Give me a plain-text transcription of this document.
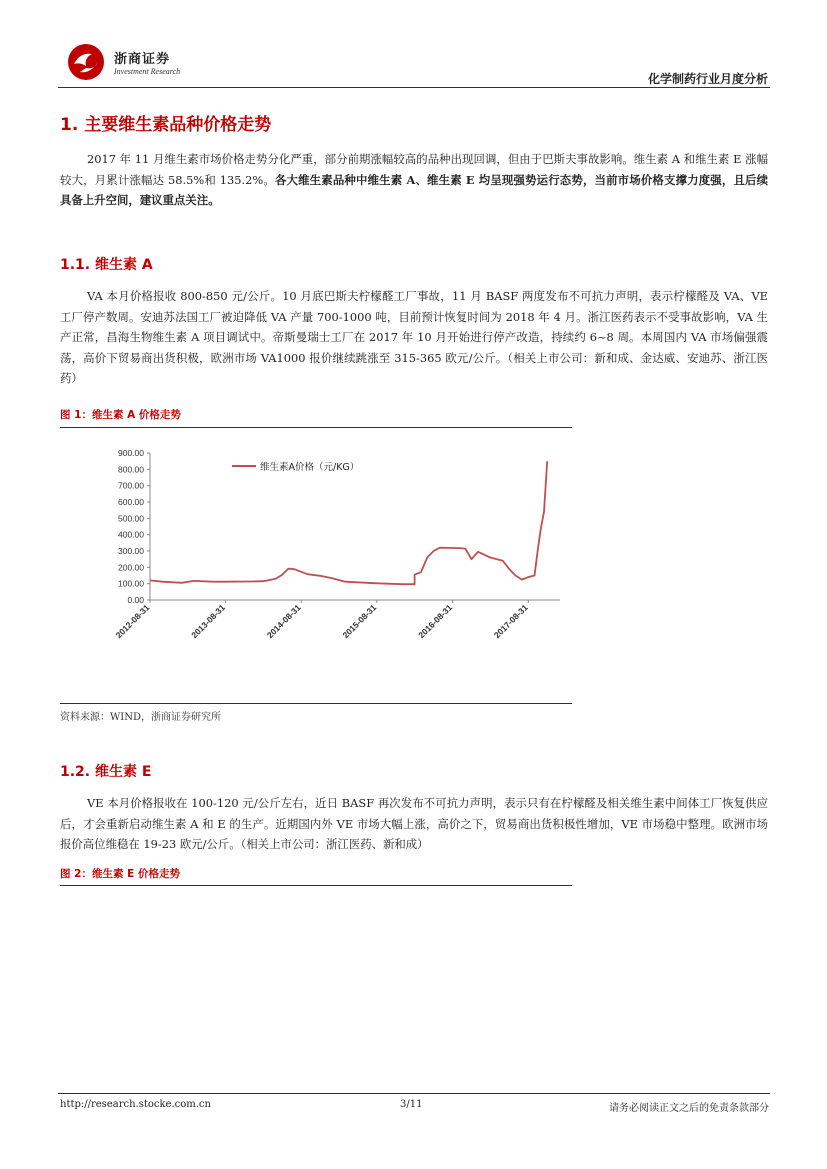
浙商证券
Investment Research
化学制药行业月度分析
1. 主要维生素品种价格走势
2017 年 11 月维生素市场价格走势分化严重，部分前期涨幅较高的品种出现回调，但由于巴斯夫事故影响。维生素 A 和维生素 E 涨幅较大，月累计涨幅达 58.5%和 135.2%。各大维生素品种中维生素 A、维生素 E 均呈现强势运行态势，当前市场价格支撑力度强，且后续具备上升空间，建议重点关注。
1.1. 维生素 A
VA 本月价格报收 800-850 元/公斤。10 月底巴斯夫柠檬醛工厂事故，11 月 BASF 两度发布不可抗力声明，表示柠檬醛及 VA、VE 工厂停产数周。安迪苏法国工厂被迫降低 VA 产量 700-1000 吨，目前预计恢复时间为 2018 年 4 月。浙江医药表示不受事故影响，VA 生产正常，昌海生物维生素 A 项目调试中。帝斯曼瑞士工厂在 2017 年 10 月开始进行停产改造，持续约 6~8 周。本周国内 VA 市场偏强震荡，高价下贸易商出货积极，欧洲市场 VA1000 报价继续跳涨至 315-365 欧元/公斤。（相关上市公司：新和成、金达威、安迪苏、浙江医药）
图 1：维生素 A 价格走势
0.00
100.00
200.00
300.00
400.00
500.00
600.00
700.00
800.00
900.00
2012-08-31	2013-08-31	2014-08-31	2015-08-31	2016-08-31	2017-08-31
维生素A价格（元/KG）
资料来源：WIND，浙商证券研究所
1.2. 维生素 E
VE 本月价格报收在 100-120 元/公斤左右，近日 BASF 再次发布不可抗力声明，表示只有在柠檬醛及相关维生素中间体工厂恢复供应后，才会重新启动维生素 A 和 E 的生产。近期国内外 VE 市场大幅上涨，高价之下，贸易商出货积极性增加，VE 市场稳中整理。欧洲市场报价高位维稳在 19-23 欧元/公斤。（相关上市公司：浙江医药、新和成）
图 2：维生素 E 价格走势
http://research.stocke.com.cn	3/11	请务必阅读正文之后的免责条款部分
